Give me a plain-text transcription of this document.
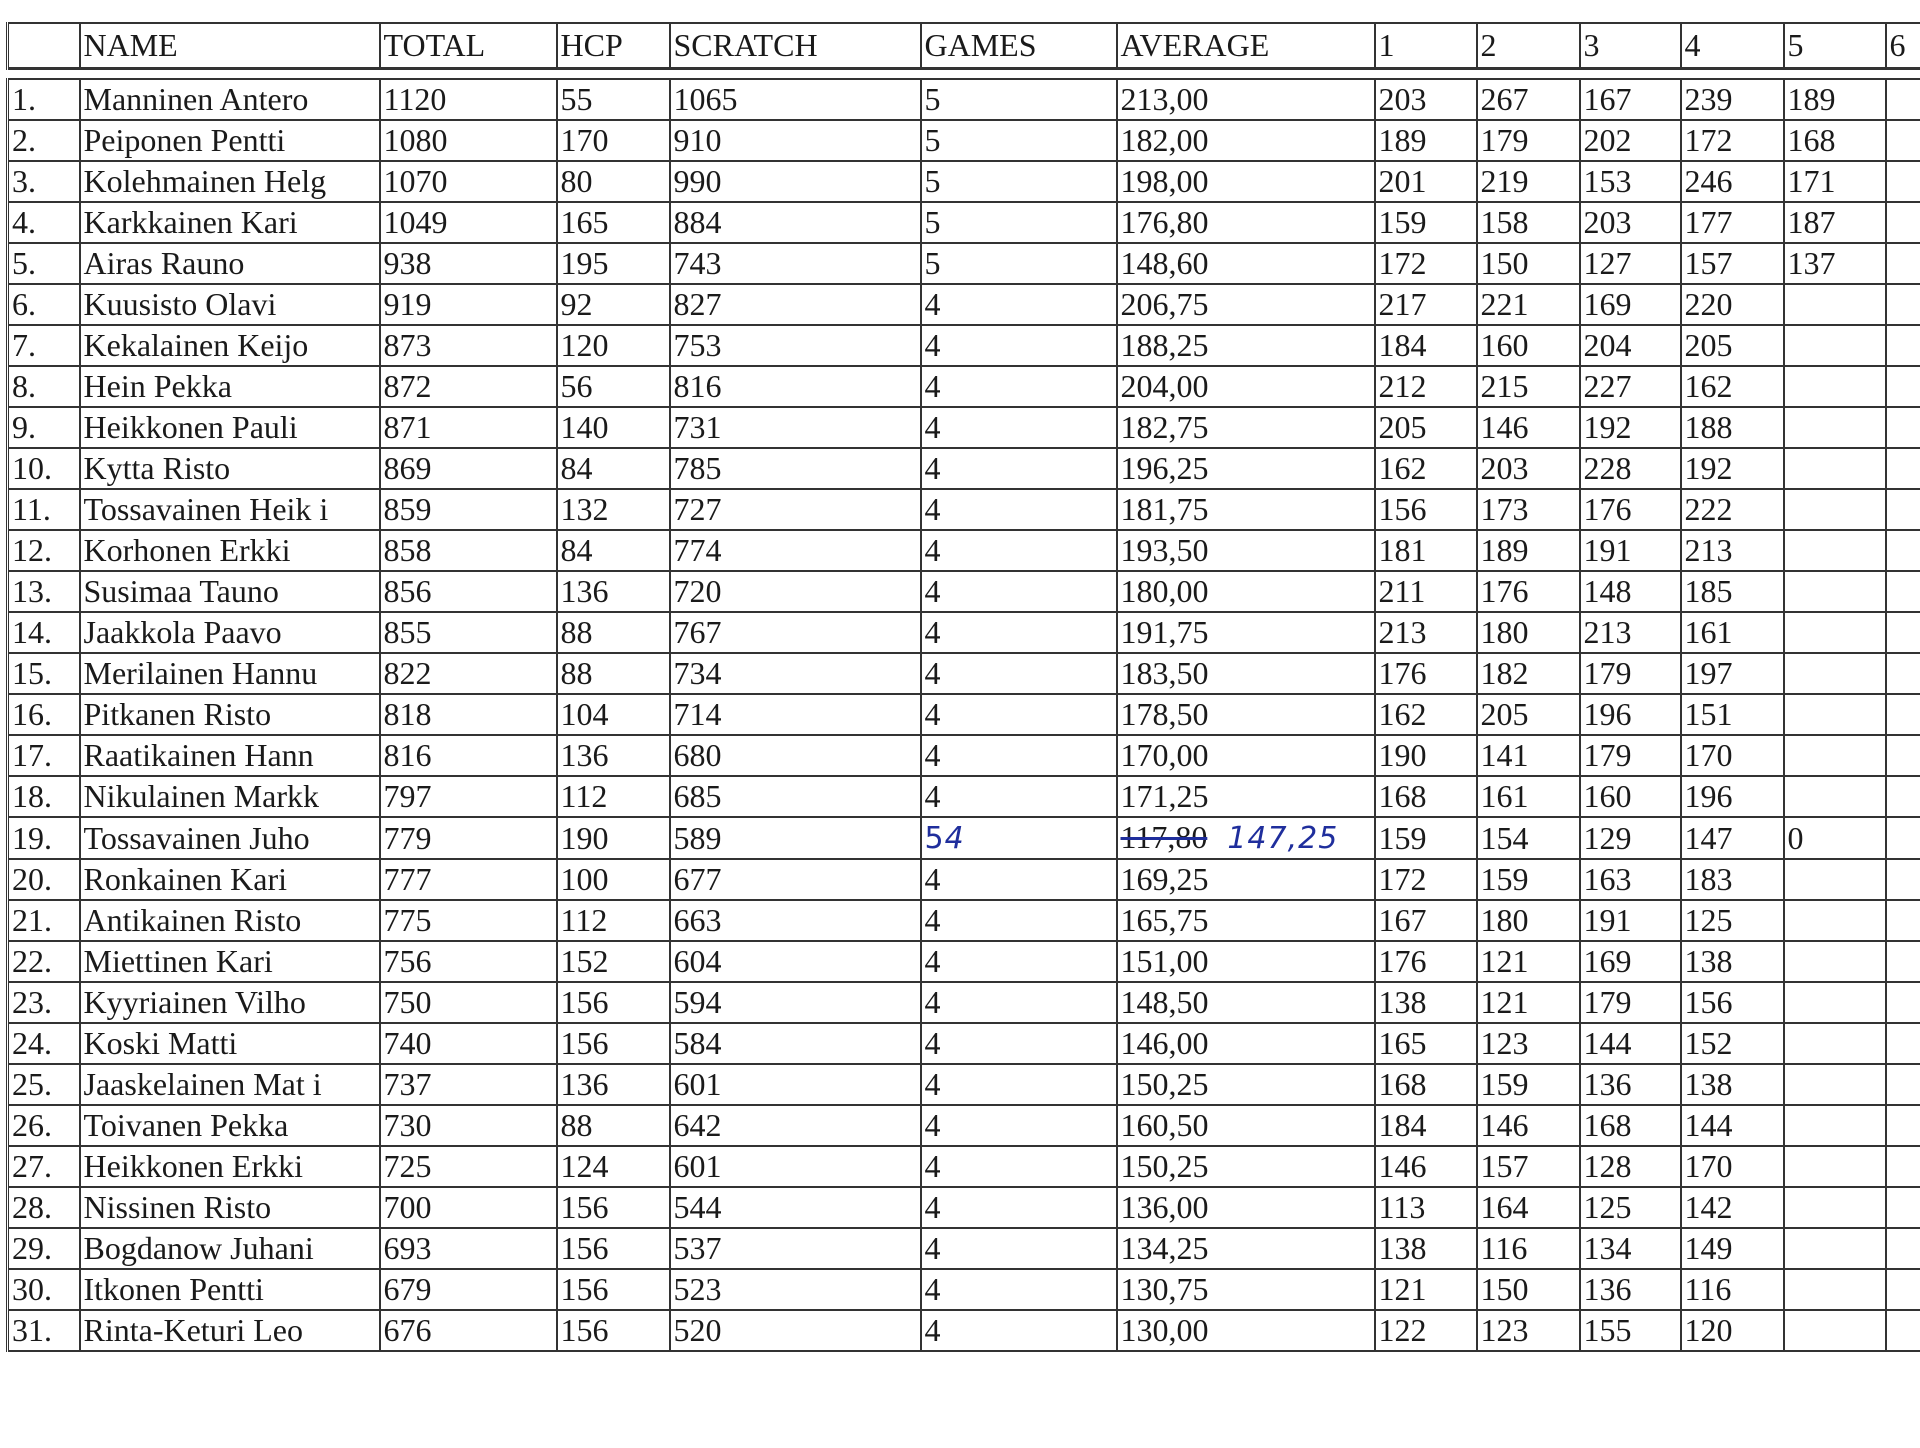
	NAME	TOTAL	HCP	SCRATCH	GAMES	AVERAGE	1	2	3	4	5	6

1.	Manninen Antero	1120	55	1065	5	213,00	203	267	167	239	189	
2.	Peiponen Pentti	1080	170	910	5	182,00	189	179	202	172	168	
3.	Kolehmainen Helg	1070	80	990	5	198,00	201	219	153	246	171	
4.	Karkkainen Kari	1049	165	884	5	176,80	159	158	203	177	187	
5.	Airas Rauno	938	195	743	5	148,60	172	150	127	157	137	
6.	Kuusisto Olavi	919	92	827	4	206,75	217	221	169	220		
7.	Kekalainen Keijo	873	120	753	4	188,25	184	160	204	205		
8.	Hein Pekka	872	56	816	4	204,00	212	215	227	162		
9.	Heikkonen Pauli	871	140	731	4	182,75	205	146	192	188		
10.	Kytta Risto	869	84	785	4	196,25	162	203	228	192		
11.	Tossavainen Heik i	859	132	727	4	181,75	156	173	176	222		
12.	Korhonen Erkki	858	84	774	4	193,50	181	189	191	213		
13.	Susimaa Tauno	856	136	720	4	180,00	211	176	148	185		
14.	Jaakkola Paavo	855	88	767	4	191,75	213	180	213	161		
15.	Merilainen Hannu	822	88	734	4	183,50	176	182	179	197		
16.	Pitkanen Risto	818	104	714	4	178,50	162	205	196	151		
17.	Raatikainen Hann	816	136	680	4	170,00	190	141	179	170		
18.	Nikulainen Markk	797	112	685	4	171,25	168	161	160	196		
19.	Tossavainen Juho	779	190	589	54	117,80 147,25	159	154	129	147	0	
20.	Ronkainen Kari	777	100	677	4	169,25	172	159	163	183		
21.	Antikainen Risto	775	112	663	4	165,75	167	180	191	125		
22.	Miettinen Kari	756	152	604	4	151,00	176	121	169	138		
23.	Kyyriainen Vilho	750	156	594	4	148,50	138	121	179	156		
24.	Koski Matti	740	156	584	4	146,00	165	123	144	152		
25.	Jaaskelainen Mat i	737	136	601	4	150,25	168	159	136	138		
26.	Toivanen Pekka	730	88	642	4	160,50	184	146	168	144		
27.	Heikkonen Erkki	725	124	601	4	150,25	146	157	128	170		
28.	Nissinen Risto	700	156	544	4	136,00	113	164	125	142		
29.	Bogdanow Juhani	693	156	537	4	134,25	138	116	134	149		
30.	Itkonen Pentti	679	156	523	4	130,75	121	150	136	116		
31.	Rinta-Keturi Leo	676	156	520	4	130,00	122	123	155	120		
